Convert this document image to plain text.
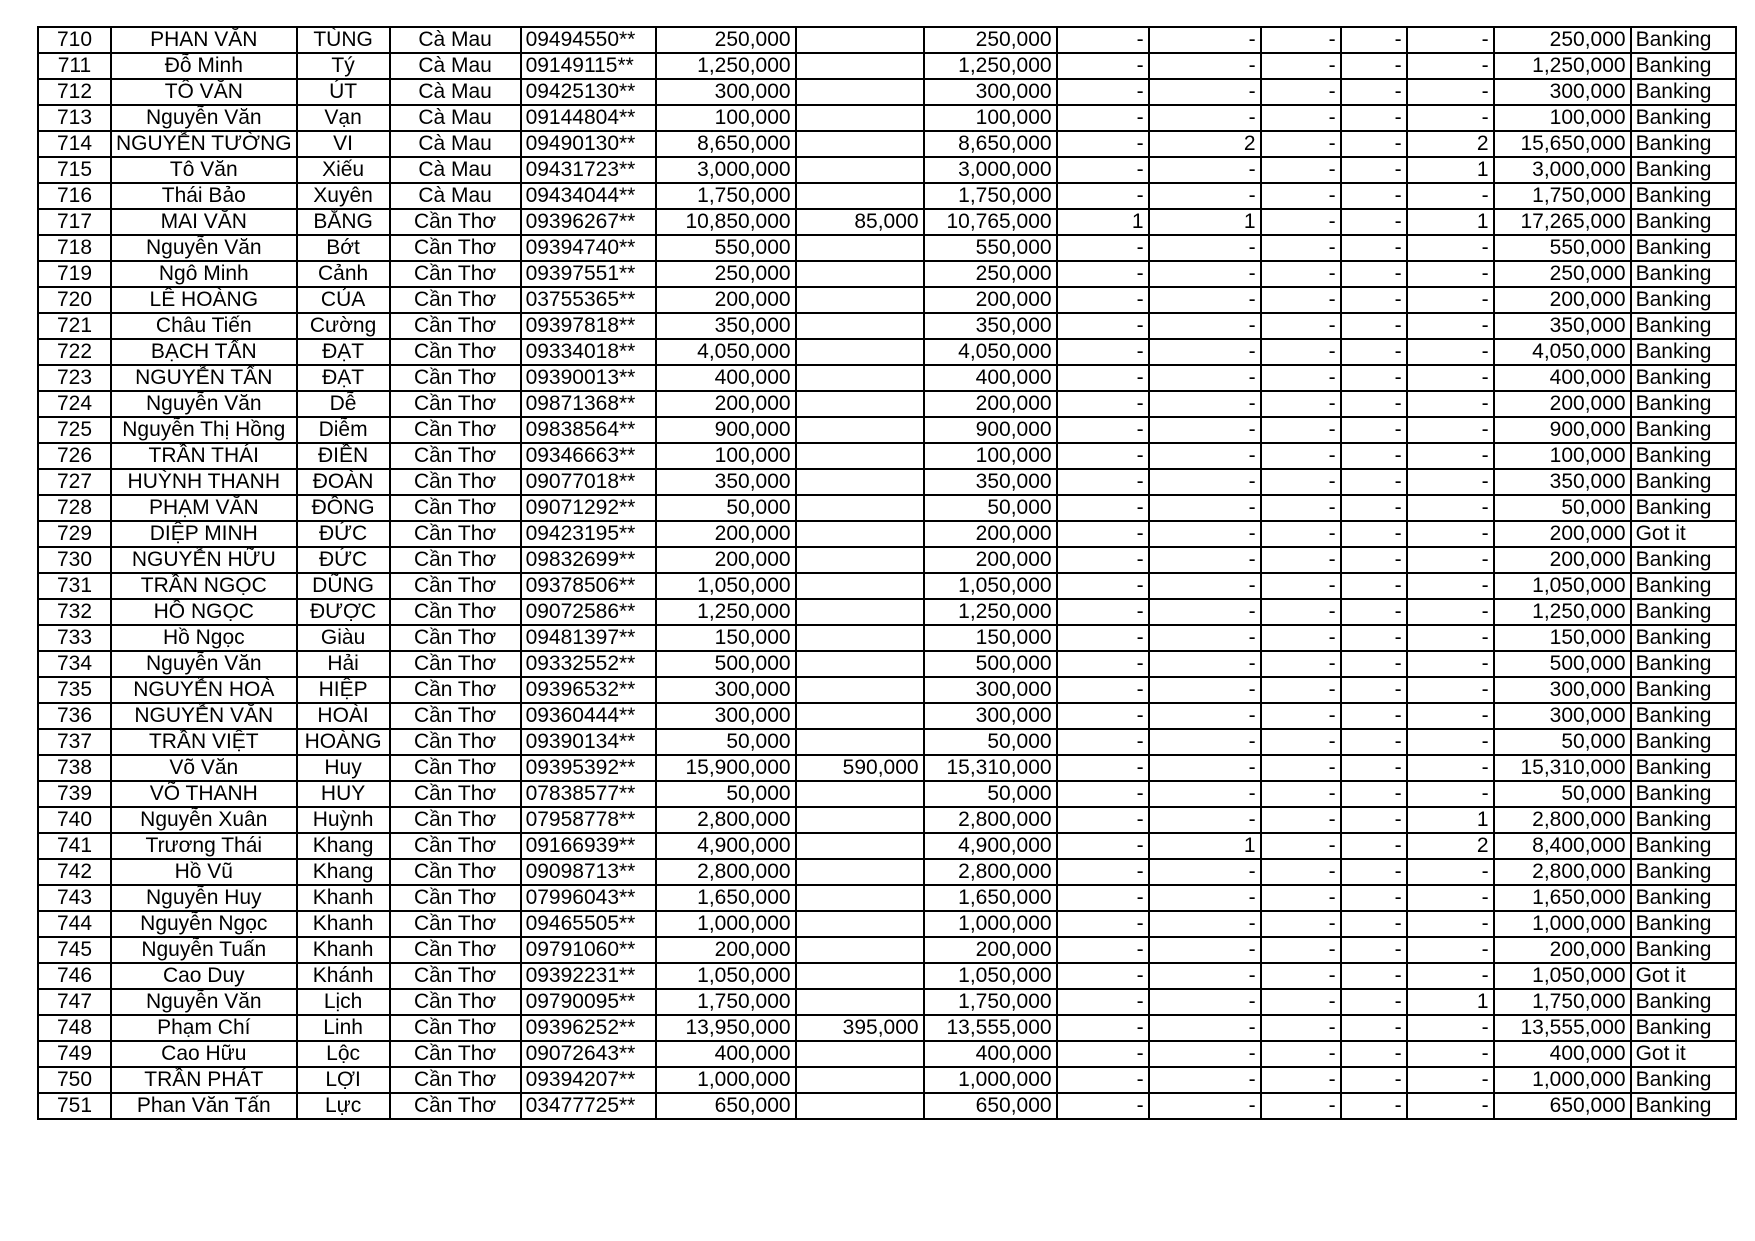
710	PHAN VĂN	TÙNG	Cà Mau	09494550**	250,000		250,000	-	-	-	-	-	250,000	Banking
711	Đỗ Minh	Tý	Cà Mau	09149115**	1,250,000		1,250,000	-	-	-	-	-	1,250,000	Banking
712	TÔ VĂN	ÚT	Cà Mau	09425130**	300,000		300,000	-	-	-	-	-	300,000	Banking
713	Nguyễn Văn	Vạn	Cà Mau	09144804**	100,000		100,000	-	-	-	-	-	100,000	Banking
714	NGUYỄN TƯỜNG	VI	Cà Mau	09490130**	8,650,000		8,650,000	-	2	-	-	2	15,650,000	Banking
715	Tô Văn	Xiếu	Cà Mau	09431723**	3,000,000		3,000,000	-	-	-	-	1	3,000,000	Banking
716	Thái Bảo	Xuyên	Cà Mau	09434044**	1,750,000		1,750,000	-	-	-	-	-	1,750,000	Banking
717	MAI VĂN	BẰNG	Cần Thơ	09396267**	10,850,000	85,000	10,765,000	1	1	-	-	1	17,265,000	Banking
718	Nguyễn Văn	Bớt	Cần Thơ	09394740**	550,000		550,000	-	-	-	-	-	550,000	Banking
719	Ngô Minh	Cảnh	Cần Thơ	09397551**	250,000		250,000	-	-	-	-	-	250,000	Banking
720	LÊ HOÀNG	CỦA	Cần Thơ	03755365**	200,000		200,000	-	-	-	-	-	200,000	Banking
721	Châu Tiến	Cường	Cần Thơ	09397818**	350,000		350,000	-	-	-	-	-	350,000	Banking
722	BẠCH TẤN	ĐẠT	Cần Thơ	09334018**	4,050,000		4,050,000	-	-	-	-	-	4,050,000	Banking
723	NGUYỄN TẤN	ĐẠT	Cần Thơ	09390013**	400,000		400,000	-	-	-	-	-	400,000	Banking
724	Nguyễn Văn	Dễ	Cần Thơ	09871368**	200,000		200,000	-	-	-	-	-	200,000	Banking
725	Nguyễn Thị Hồng	Diễm	Cần Thơ	09838564**	900,000		900,000	-	-	-	-	-	900,000	Banking
726	TRẦN THÁI	ĐIỀN	Cần Thơ	09346663**	100,000		100,000	-	-	-	-	-	100,000	Banking
727	HUỲNH THANH	ĐOÀN	Cần Thơ	09077018**	350,000		350,000	-	-	-	-	-	350,000	Banking
728	PHẠM VĂN	ĐỒNG	Cần Thơ	09071292**	50,000		50,000	-	-	-	-	-	50,000	Banking
729	DIỆP MINH	ĐỨC	Cần Thơ	09423195**	200,000		200,000	-	-	-	-	-	200,000	Got it
730	NGUYỄN HỮU	ĐỨC	Cần Thơ	09832699**	200,000		200,000	-	-	-	-	-	200,000	Banking
731	TRẦN NGỌC	DŨNG	Cần Thơ	09378506**	1,050,000		1,050,000	-	-	-	-	-	1,050,000	Banking
732	HỒ NGỌC	ĐƯỢC	Cần Thơ	09072586**	1,250,000		1,250,000	-	-	-	-	-	1,250,000	Banking
733	Hồ Ngọc	Giàu	Cần Thơ	09481397**	150,000		150,000	-	-	-	-	-	150,000	Banking
734	Nguyễn Văn	Hải	Cần Thơ	09332552**	500,000		500,000	-	-	-	-	-	500,000	Banking
735	NGUYỄN HOÀ	HIỆP	Cần Thơ	09396532**	300,000		300,000	-	-	-	-	-	300,000	Banking
736	NGUYỄN VĂN	HOÀI	Cần Thơ	09360444**	300,000		300,000	-	-	-	-	-	300,000	Banking
737	TRẦN VIỆT	HOÀNG	Cần Thơ	09390134**	50,000		50,000	-	-	-	-	-	50,000	Banking
738	Võ Văn	Huy	Cần Thơ	09395392**	15,900,000	590,000	15,310,000	-	-	-	-	-	15,310,000	Banking
739	VÕ THANH	HUY	Cần Thơ	07838577**	50,000		50,000	-	-	-	-	-	50,000	Banking
740	Nguyễn Xuân	Huỳnh	Cần Thơ	07958778**	2,800,000		2,800,000	-	-	-	-	1	2,800,000	Banking
741	Trương Thái	Khang	Cần Thơ	09166939**	4,900,000		4,900,000	-	1	-	-	2	8,400,000	Banking
742	Hồ Vũ	Khang	Cần Thơ	09098713**	2,800,000		2,800,000	-	-	-	-	-	2,800,000	Banking
743	Nguyễn Huy	Khanh	Cần Thơ	07996043**	1,650,000		1,650,000	-	-	-	-	-	1,650,000	Banking
744	Nguyễn Ngọc	Khanh	Cần Thơ	09465505**	1,000,000		1,000,000	-	-	-	-	-	1,000,000	Banking
745	Nguyễn Tuấn	Khanh	Cần Thơ	09791060**	200,000		200,000	-	-	-	-	-	200,000	Banking
746	Cao Duy	Khánh	Cần Thơ	09392231**	1,050,000		1,050,000	-	-	-	-	-	1,050,000	Got it
747	Nguyễn Văn	Lịch	Cần Thơ	09790095**	1,750,000		1,750,000	-	-	-	-	1	1,750,000	Banking
748	Phạm Chí	Linh	Cần Thơ	09396252**	13,950,000	395,000	13,555,000	-	-	-	-	-	13,555,000	Banking
749	Cao Hữu	Lộc	Cần Thơ	09072643**	400,000		400,000	-	-	-	-	-	400,000	Got it
750	TRẦN PHÁT	LỢI	Cần Thơ	09394207**	1,000,000		1,000,000	-	-	-	-	-	1,000,000	Banking
751	Phan Văn Tấn	Lực	Cần Thơ	03477725**	650,000		650,000	-	-	-	-	-	650,000	Banking
